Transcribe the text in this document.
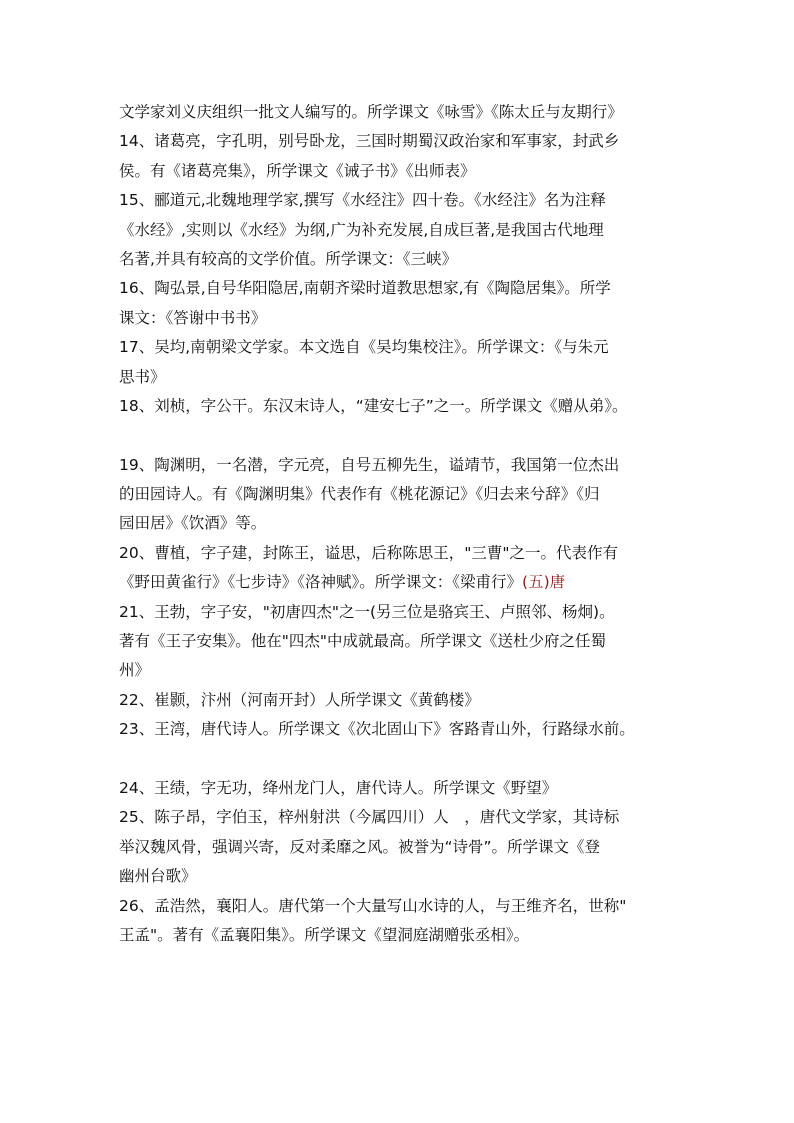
文学家刘义庆组织一批文人编写的。所学课文《咏雪》《陈太丘与友期行》
14、诸葛亮，字孔明，别号卧龙，三国时期蜀汉政治家和军事家，封武乡
侯。有《诸葛亮集》，所学课文《诫子书》《出师表》
15、郦道元,北魏地理学家,撰写《水经注》四十卷。《水经注》名为注释
《水经》,实则以《水经》为纲,广为补充发展,自成巨著,是我国古代地理
名著,并具有较高的文学价值。所学课文：《三峡》
16、陶弘景,自号华阳隐居,南朝齐梁时道教思想家,有《陶隐居集》。所学
课文：《答谢中书书》
17、吴均,南朝梁文学家。本文选自《吴均集校注》。所学课文：《与朱元
思书》
18、刘桢，字公干。东汉末诗人，“建安七子”之一。所学课文《赠从弟》。
19、陶渊明，一名潜，字元亮，自号五柳先生，谥靖节，我国第一位杰出
的田园诗人。有《陶渊明集》代表作有《桃花源记》《归去来兮辞》《归
园田居》《饮酒》等。
20、曹植，字子建，封陈王，谥思，后称陈思王，"三曹"之一。代表作有
《野田黄雀行》《七步诗》《洛神赋》。所学课文：《梁甫行》(五)唐
21、王勃，字子安，"初唐四杰"之一(另三位是骆宾王、卢照邻、杨炯)。
著有《王子安集》。他在"四杰"中成就最高。所学课文《送杜少府之任蜀
州》
22、崔颢，汴州（河南开封）人所学课文《黄鹤楼》
23、王湾，唐代诗人。所学课文《次北固山下》客路青山外，行路绿水前。
24、王绩，字无功，绛州龙门人，唐代诗人。所学课文《野望》
25、陈子昂，字伯玉，梓州射洪（今属四川）人　，唐代文学家，其诗标
举汉魏风骨，强调兴寄，反对柔靡之风。被誉为“诗骨”。所学课文《登
幽州台歌》
26、孟浩然，襄阳人。唐代第一个大量写山水诗的人，与王维齐名，世称"
王孟"。著有《孟襄阳集》。所学课文《望洞庭湖赠张丞相》。
